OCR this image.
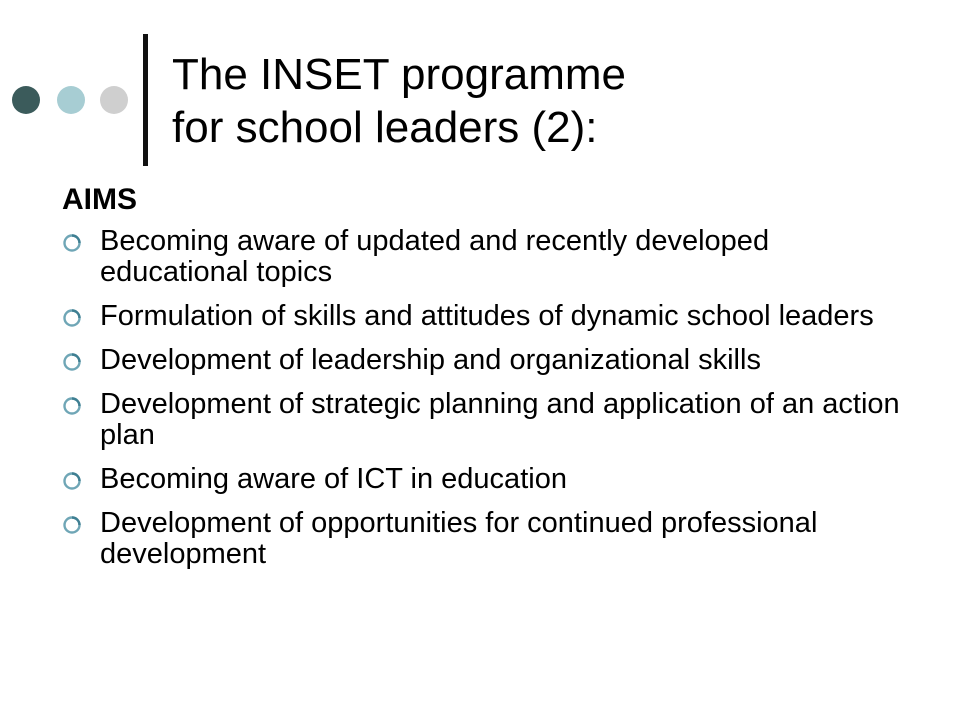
The INSET programme
for school leaders (2):
AIMS
Becoming aware of updated and recently developed educational topics
Formulation of skills and attitudes of dynamic school leaders
Development of leadership and organizational skills
Development of strategic planning and application of an action plan
Becoming aware of ICT in education
Development of opportunities for continued professional development
